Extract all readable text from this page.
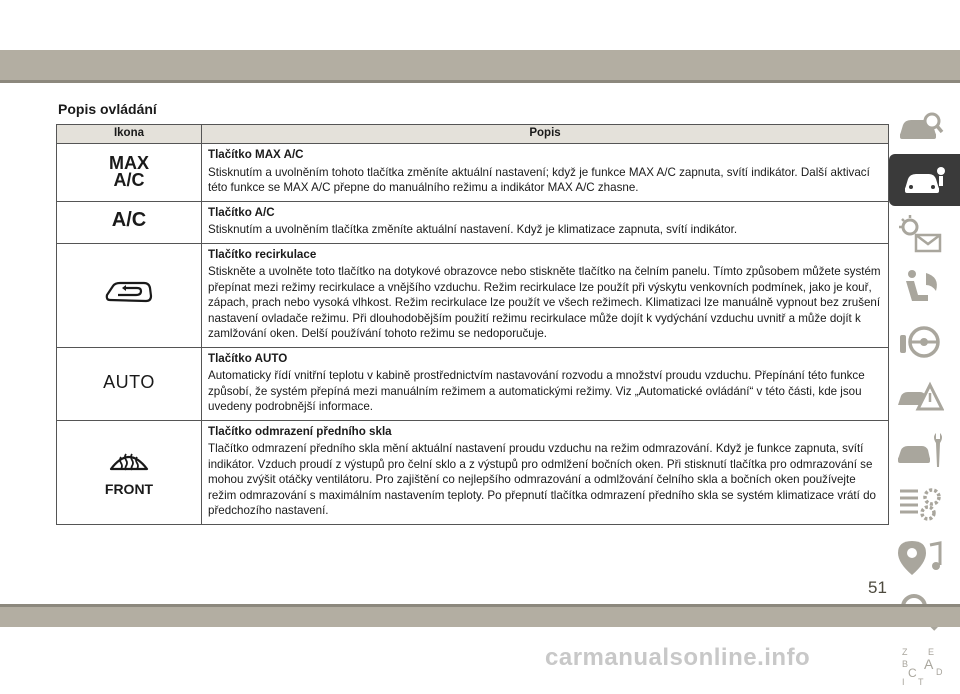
Popis ovládání
Ikona	Popis

MAX
A/C	Tlačítko MAX A/C
Stisknutím a uvolněním tohoto tlačítka změníte aktuální nastavení; když je funkce MAX A/C zapnuta, svítí indikátor. Další aktivací této funkce se MAX A/C přepne do manuálního režimu a indikátor MAX A/C zhasne.

A/C	Tlačítko A/C
Stisknutím a uvolněním tlačítka změníte aktuální nastavení. Když je klimatizace zapnuta, svítí indikátor.

Tlačítko recirkulace
Stiskněte a uvolněte toto tlačítko na dotykové obrazovce nebo stiskněte tlačítko na čelním panelu. Tímto způsobem můžete systém přepínat mezi režimy recirkulace a vnějšího vzduchu. Režim recirkulace lze použít při výskytu venkovních podmínek, jako je kouř, zápach, prach nebo vysoká vlhkost. Režim recirkulace lze použít ve všech režimech. Klimatizaci lze manuálně vypnout bez zrušení nastavení ovladače režimu. Při dlouhodobějším použití režimu recirkulace může dojít k vydýchání vzduchu uvnitř a může dojít k zamlžování oken. Delší používání tohoto režimu se nedoporučuje.

AUTO	Tlačítko AUTO
Automaticky řídí vnitřní teplotu v kabině prostřednictvím nastavování rozvodu a množství proudu vzduchu. Přepínání této funkce způsobí, že systém přepíná mezi manuálním režimem a automatickými režimy. Viz „Automatické ovládání“ v této části, kde jsou uvedeny podrobnější informace.

FRONT	Tlačítko odmrazení předního skla
Tlačítko odmrazení předního skla mění aktuální nastavení proudu vzduchu na režim odmrazování. Když je funkce zapnuta, svítí indikátor. Vzduch proudí z výstupů pro čelní sklo a z výstupů pro odmlžení bočních oken. Při stisknutí tlačítka pro odmrazování se mohou zvýšit otáčky ventilátoru. Pro zajištění co nejlepšího odmrazování a odmlžování čelního skla a bočních oken používejte režim odmrazování s maximálním nastavením teploty. Po přepnutí tlačítka odmrazení předního skla se systém klimatizace vrátí do předchozího nastavení.
Z E
B A
C D
I T
51
carmanualsonline.info
